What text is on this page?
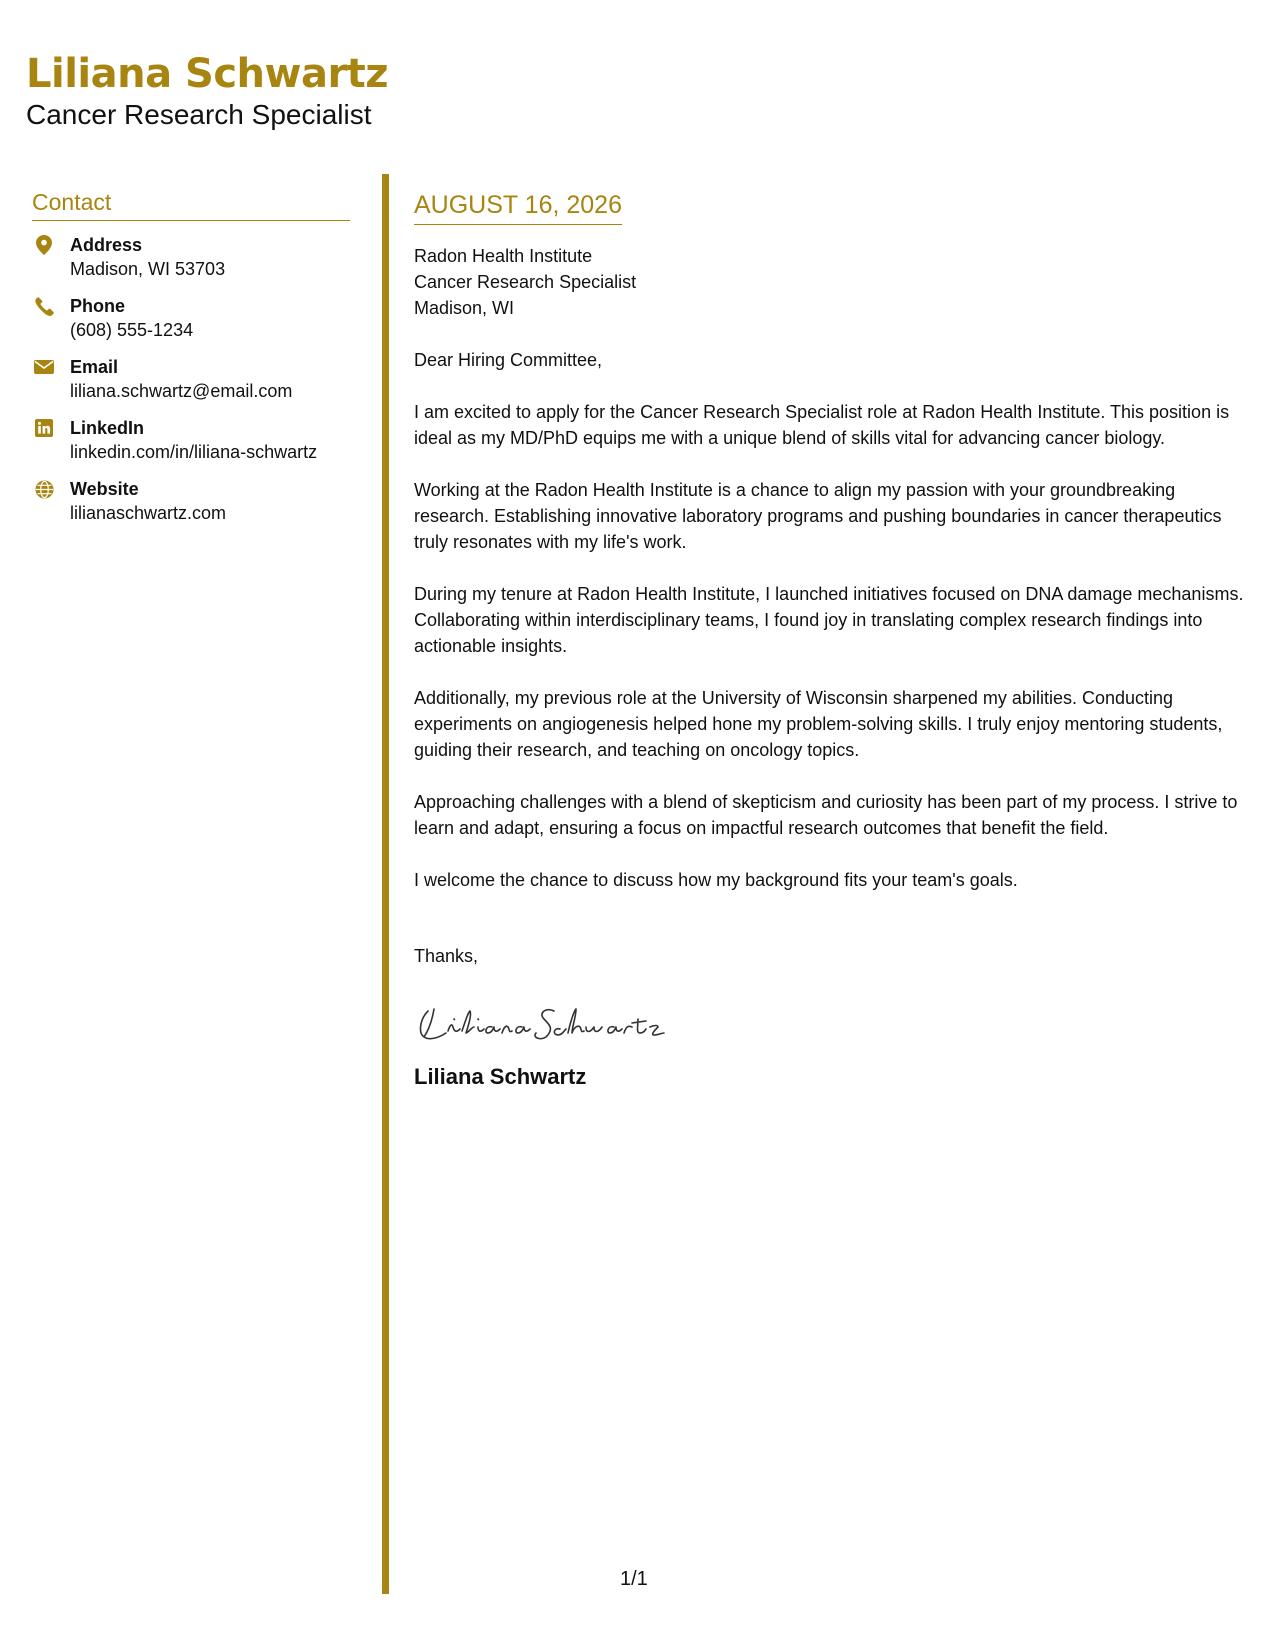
Liliana Schwartz
Cancer Research Specialist
Contact
Address
Madison, WI 53703
Phone
(608) 555-1234
Email
liliana.schwartz@email.com
LinkedIn
linkedin.com/in/liliana-schwartz
Website
lilianaschwartz.com
AUGUST 16, 2026
Radon Health Institute
Cancer Research Specialist
Madison, WI
Dear Hiring Committee,
I am excited to apply for the Cancer Research Specialist role at Radon Health Institute. This position is ideal as my MD/PhD equips me with a unique blend of skills vital for advancing cancer biology.
Working at the Radon Health Institute is a chance to align my passion with your groundbreaking research. Establishing innovative laboratory programs and pushing boundaries in cancer therapeutics truly resonates with my life's work.
During my tenure at Radon Health Institute, I launched initiatives focused on DNA damage mechanisms. Collaborating within interdisciplinary teams, I found joy in translating complex research findings into actionable insights.
Additionally, my previous role at the University of Wisconsin sharpened my abilities. Conducting experiments on angiogenesis helped hone my problem-solving skills. I truly enjoy mentoring students, guiding their research, and teaching on oncology topics.
Approaching challenges with a blend of skepticism and curiosity has been part of my process. I strive to learn and adapt, ensuring a focus on impactful research outcomes that benefit the field.
I welcome the chance to discuss how my background fits your team's goals.
Thanks,
Liliana Schwartz
1/1
